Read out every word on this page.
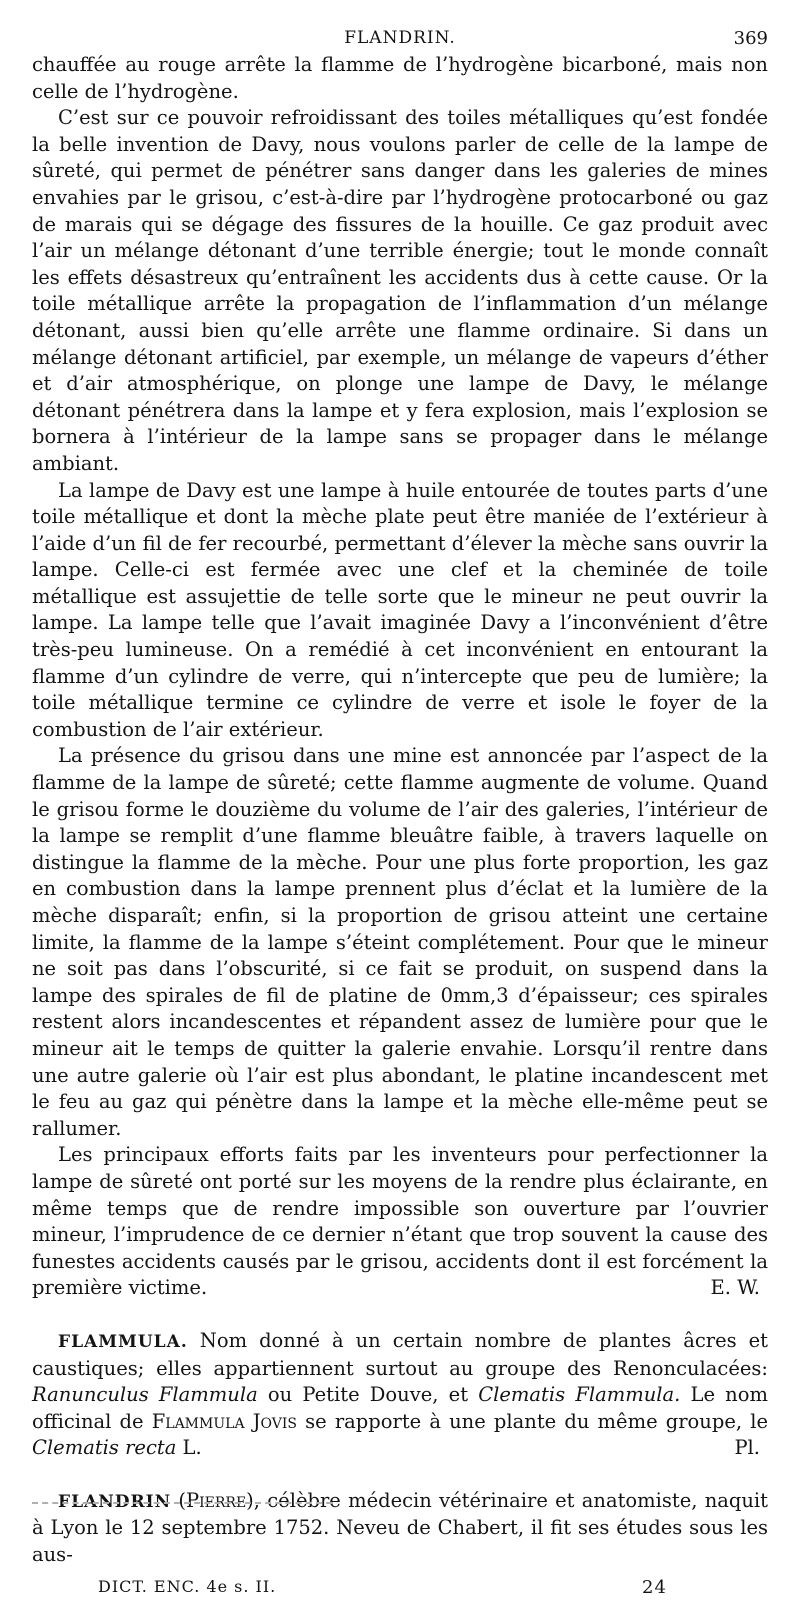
FLANDRIN.	369

chauffée au rouge arrête la flamme de l’hydrogène bicarboné, mais non celle de l’hydrogène.

C’est sur ce pouvoir refroidissant des toiles métalliques qu’est fondée la belle invention de Davy, nous voulons parler de celle de la lampe de sûreté, qui permet de pénétrer sans danger dans les galeries de mines envahies par le grisou, c’est-à-dire par l’hydrogène protocarboné ou gaz de marais qui se dégage des fissures de la houille. Ce gaz produit avec l’air un mélange détonant d’une terrible énergie; tout le monde connaît les effets désastreux qu’entraînent les accidents dus à cette cause. Or la toile métallique arrête la propagation de l’inflammation d’un mélange détonant, aussi bien qu’elle arrête une flamme ordinaire. Si dans un mélange détonant artificiel, par exemple, un mélange de vapeurs d’éther et d’air atmosphérique, on plonge une lampe de Davy, le mélange détonant pénétrera dans la lampe et y fera explosion, mais l’explosion se bornera à l’intérieur de la lampe sans se propager dans le mélange ambiant.

La lampe de Davy est une lampe à huile entourée de toutes parts d’une toile métallique et dont la mèche plate peut être maniée de l’extérieur à l’aide d’un fil de fer recourbé, permettant d’élever la mèche sans ouvrir la lampe. Celle-ci est fermée avec une clef et la cheminée de toile métallique est assujettie de telle sorte que le mineur ne peut ouvrir la lampe. La lampe telle que l’avait imaginée Davy a l’inconvénient d’être très-peu lumineuse. On a remédié à cet inconvénient en entourant la flamme d’un cylindre de verre, qui n’intercepte que peu de lumière; la toile métallique termine ce cylindre de verre et isole le foyer de la combustion de l’air extérieur.

La présence du grisou dans une mine est annoncée par l’aspect de la flamme de la lampe de sûreté; cette flamme augmente de volume. Quand le grisou forme le douzième du volume de l’air des galeries, l’intérieur de la lampe se remplit d’une flamme bleuâtre faible, à travers laquelle on distingue la flamme de la mèche. Pour une plus forte proportion, les gaz en combustion dans la lampe prennent plus d’éclat et la lumière de la mèche disparaît; enfin, si la proportion de grisou atteint une certaine limite, la flamme de la lampe s’éteint complétement. Pour que le mineur ne soit pas dans l’obscurité, si ce fait se produit, on suspend dans la lampe des spirales de fil de platine de 0mm,3 d’épaisseur; ces spirales restent alors incandescentes et répandent assez de lumière pour que le mineur ait le temps de quitter la galerie envahie. Lorsqu’il rentre dans une autre galerie où l’air est plus abondant, le platine incandescent met le feu au gaz qui pénètre dans la lampe et la mèche elle-même peut se rallumer.

Les principaux efforts faits par les inventeurs pour perfectionner la lampe de sûreté ont porté sur les moyens de la rendre plus éclairante, en même temps que de rendre impossible son ouverture par l’ouvrier mineur, l’imprudence de ce dernier n’étant que trop souvent la cause des funestes accidents causés par le grisou, accidents dont il est forcément la première victime.	E. W.

FLAMMULA. Nom donné à un certain nombre de plantes âcres et caustiques; elles appartiennent surtout au groupe des Renonculacées: Ranunculus Flammula ou Petite Douve, et Clematis Flammula. Le nom officinal de Flammula Jovis se rapporte à une plante du même groupe, le Clematis recta L.	Pl.

FLANDRIN (Pierre), célèbre médecin vétérinaire et anatomiste, naquit à Lyon le 12 septembre 1752. Neveu de Chabert, il fit ses études sous les aus-

DICT. ENC. 4e s. II.	24
